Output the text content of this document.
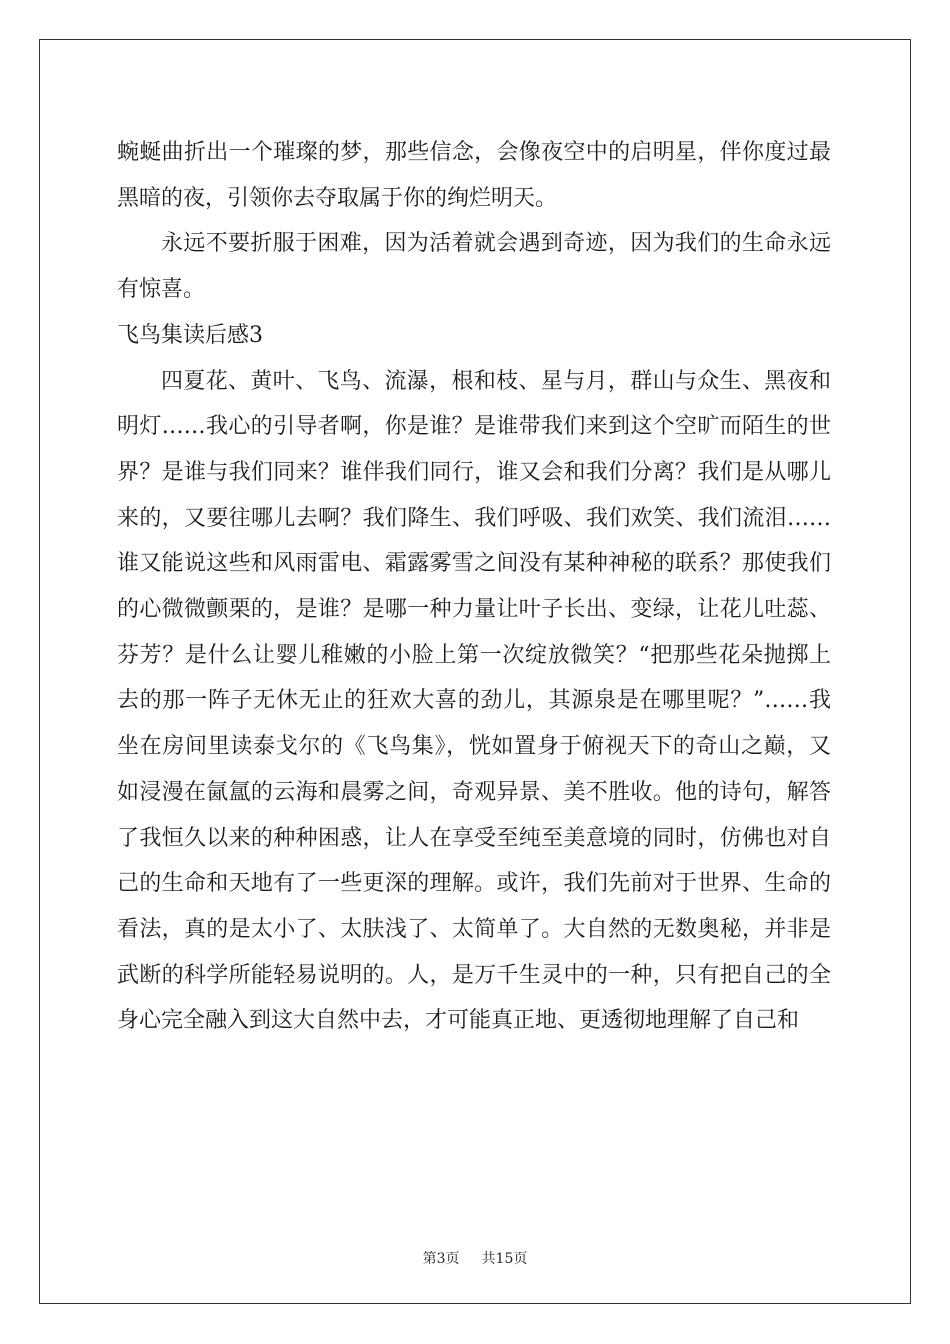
蜿蜒曲折出一个璀璨的梦，那些信念，会像夜空中的启明星，伴你度过最黑暗的夜，引领你去夺取属于你的绚烂明天。

永远不要折服于困难，因为活着就会遇到奇迹，因为我们的生命永远有惊喜。

飞鸟集读后感3

四夏花、黄叶、飞鸟、流瀑，根和枝、星与月，群山与众生、黑夜和明灯……我心的引导者啊，你是谁？是谁带我们来到这个空旷而陌生的世界？是谁与我们同来？谁伴我们同行，谁又会和我们分离？我们是从哪儿来的，又要往哪儿去啊？我们降生、我们呼吸、我们欢笑、我们流泪……谁又能说这些和风雨雷电、霜露雾雪之间没有某种神秘的联系？那使我们的心微微颤栗的，是谁？是哪一种力量让叶子长出、变绿，让花儿吐蕊、芬芳？是什么让婴儿稚嫩的小脸上第一次绽放微笑？“把那些花朵抛掷上去的那一阵子无休无止的狂欢大喜的劲儿，其源泉是在哪里呢？”……我坐在房间里读泰戈尔的《飞鸟集》，恍如置身于俯视天下的奇山之巅，又如浸漫在氤氲的云海和晨雾之间，奇观异景、美不胜收。他的诗句，解答了我恒久以来的种种困惑，让人在享受至纯至美意境的同时，仿佛也对自己的生命和天地有了一些更深的理解。或许，我们先前对于世界、生命的看法，真的是太小了、太肤浅了、太简单了。大自然的无数奥秘，并非是武断的科学所能轻易说明的。人，是万千生灵中的一种，只有把自己的全身心完全融入到这大自然中去，才可能真正地、更透彻地理解了自己和

第3页 共15页
